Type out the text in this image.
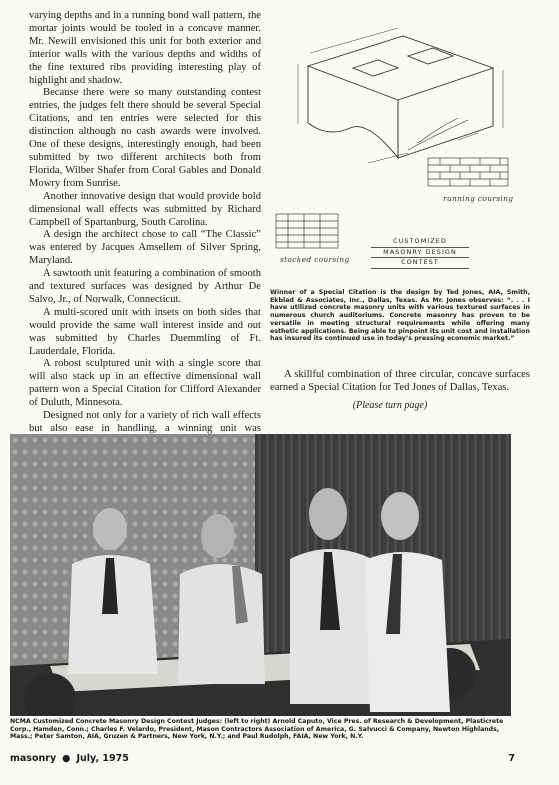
varying depths and in a running bond wall pattern, the mortar joints would be tooled in a concave manner. Mr. Newill envisioned this unit for both exterior and interior walls with the various depths and widths of the fine textured ribs providing interesting play of highlight and shadow.

Because there were so many outstanding contest entries, the judges felt there should be several Special Citations, and ten entries were selected for this distinction although no cash awards were involved. One of these designs, interestingly enough, had been submitted by two different architects both from Florida, Wilber Shafer from Coral Gables and Donald Mowry from Sunrise.

Another innovative design that would provide bold dimensional wall effects was submitted by Richard Campbell of Spartanburg, South Carolina.

A design the architect chose to call “The Classic” was entered by Jacques Amsellem of Silver Spring, Maryland.

A sawtooth unit featuring a combination of smooth and textured surfaces was designed by Arthur De Salvo, Jr., of Norwalk, Connecticut.

A multi-scored unit with insets on both sides that would provide the same wall interest inside and out was submitted by Charles Duemmling of Ft. Lauderdale, Florida.

A robost sculptured unit with a single score that will also stack up in an effective dimensional wall pattern won a Special Citation for Clifford Alexander of Duluth, Minnesota.

Designed not only for a variety of rich wall effects but also ease in handling, a winning unit was

running coursing
stacked coursing
CUSTOMIZED
MASONRY DESIGN
CONTEST
Winner of a Special Citation is the design by Ted Jones, AIA, Smith, Ekblad & Associates, Inc., Dallas, Texas. As Mr. Jones observes: “. . . I have utilized concrete masonry units with various textured surfaces in numerous church auditoriums. Concrete masonry has proven to be versatile in meeting structural requirements while offering many esthetic applications. Being able to pinpoint its unit cost and installation has insured its continued use in today’s pressing economic market.”

A skillful combination of three circular, concave surfaces earned a Special Citation for Ted Jones of Dallas, Texas.

(Please turn page)
NCMA Customized Concrete Masonry Design Contest Judges: (left to right) Arnold Caputo, Vice Pres. of Research & Development, Plasticrete Corp., Hamden, Conn.; Charles F. Velardo, President, Mason Contractors Association of America, G. Salvucci & Company, Newton Highlands, Mass.; Peter Samton, AIA, Gruzen & Partners, New York, N.Y.; and Paul Rudolph, FAIA, New York, N.Y.
masonry ● July, 1975	7
